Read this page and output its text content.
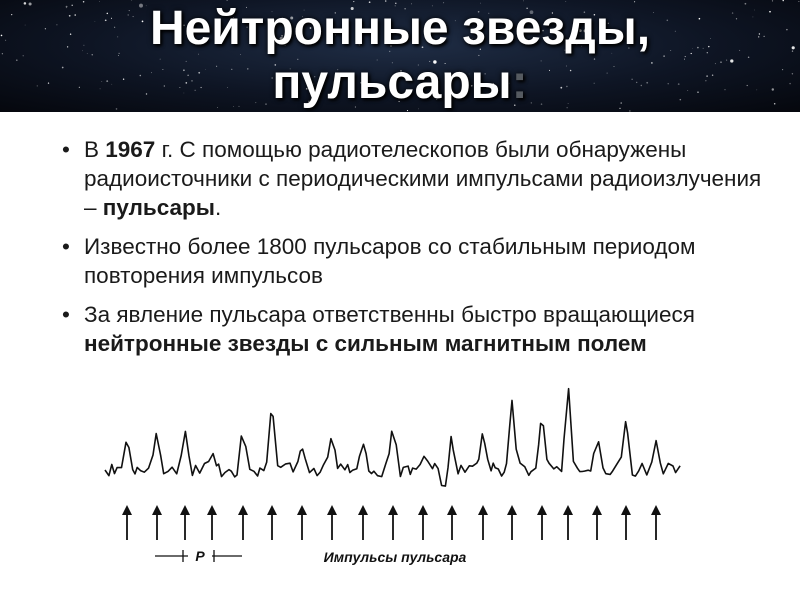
Нейтронные звезды,
пульсары:
• В 1967 г. С помощью радиотелескопов были обнаружены радиоисточники с периодическими импульсами радиоизлучения – пульсары.
• Известно более 1800 пульсаров со стабильным периодом повторения импульсов
• За явление пульсара ответственны быстро вращающиеся нейтронные звезды с сильным магнитным полем
P	Импульсы пульсара
